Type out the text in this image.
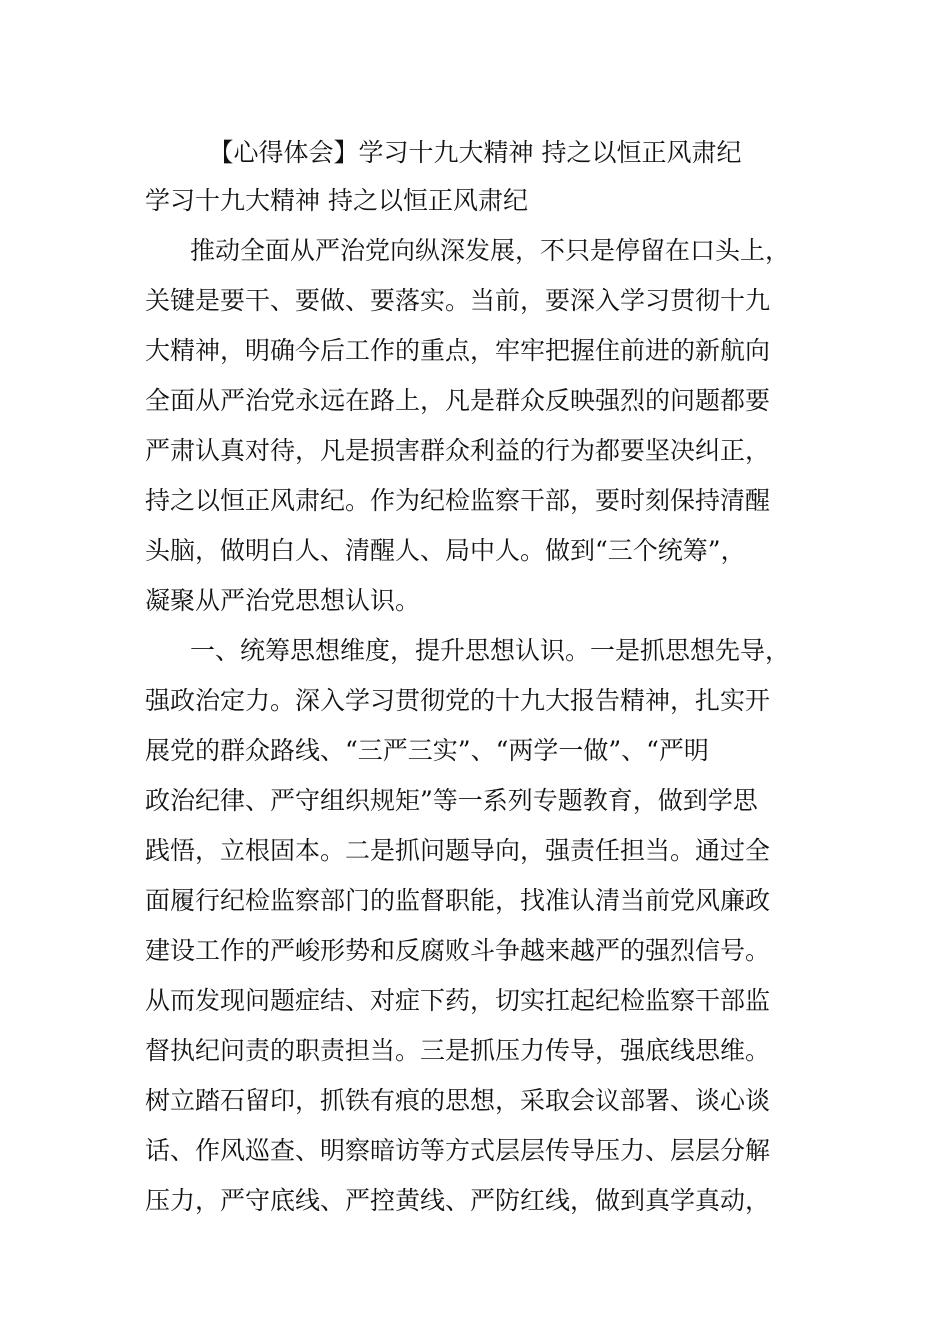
【心得体会】学习十九大精神 持之以恒正风肃纪
学习十九大精神 持之以恒正风肃纪
推动全面从严治党向纵深发展，不只是停留在口头上，
关键是要干、要做、要落实。当前，要深入学习贯彻十九
大精神，明确今后工作的重点，牢牢把握住前进的新航向
全面从严治党永远在路上，凡是群众反映强烈的问题都要
严肃认真对待，凡是损害群众利益的行为都要坚决纠正，
持之以恒正风肃纪。作为纪检监察干部，要时刻保持清醒
头脑，做明白人、清醒人、局中人。做到“三个统筹”，
凝聚从严治党思想认识。
一、统筹思想维度，提升思想认识。一是抓思想先导，
强政治定力。深入学习贯彻党的十九大报告精神，扎实开
展党的群众路线、“三严三实”、“两学一做”、“严明
政治纪律、严守组织规矩”等一系列专题教育，做到学思
践悟，立根固本。二是抓问题导向，强责任担当。通过全
面履行纪检监察部门的监督职能，找准认清当前党风廉政
建设工作的严峻形势和反腐败斗争越来越严的强烈信号。
从而发现问题症结、对症下药，切实扛起纪检监察干部监
督执纪问责的职责担当。三是抓压力传导，强底线思维。
树立踏石留印，抓铁有痕的思想，采取会议部署、谈心谈
话、作风巡查、明察暗访等方式层层传导压力、层层分解
压力，严守底线、严控黄线、严防红线，做到真学真动，
